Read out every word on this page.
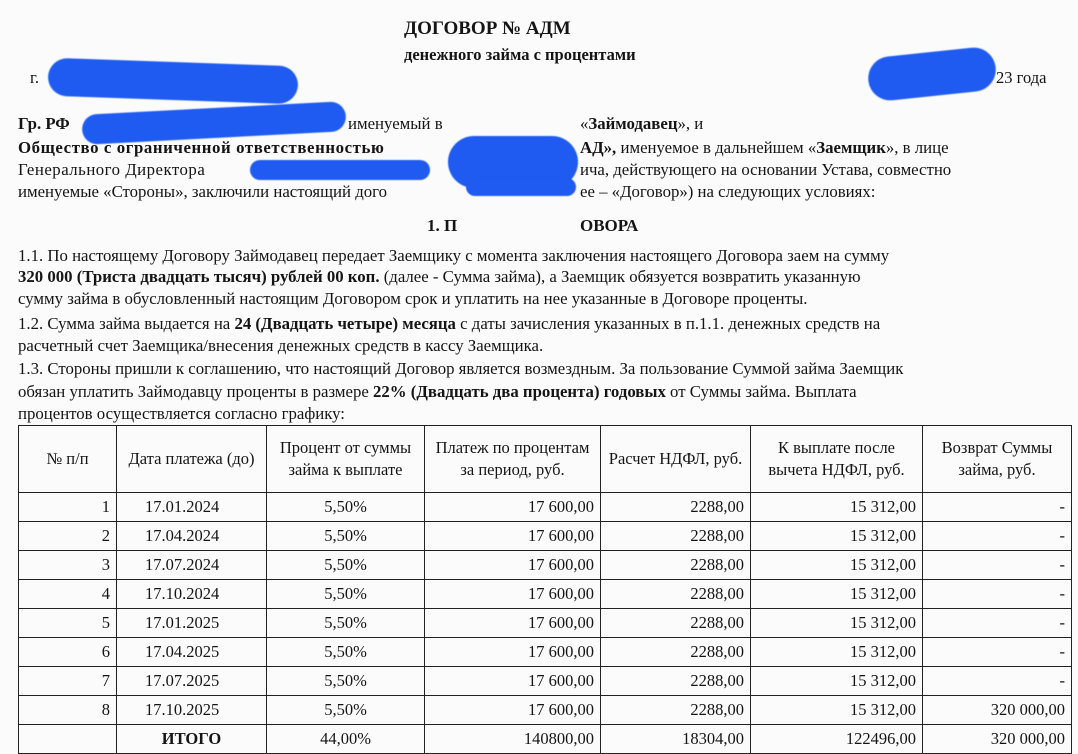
ДОГОВОР № АДМ
денежного займа с процентами
г.	23 года
Гр. РФ	именуемый в	«Займодавец», и
Общество с ограниченной ответственностью	АД», именуемое в дальнейшем «Заемщик», в лице
Генерального Директора	ича, действующего на основании Устава, совместно
именуемые «Стороны», заключили настоящий дого	ее – «Договор») на следующих условиях:
1. П	ОВОРА
1.1. По настоящему Договору Займодавец передает Заемщику с момента заключения настоящего Договора заем на сумму
320 000 (Триста двадцать тысяч) рублей 00 коп. (далее - Сумма займа), а Заемщик обязуется возвратить указанную
сумму займа в обусловленный настоящим Договором срок и уплатить на нее указанные в Договоре проценты.
1.2. Сумма займа выдается на 24 (Двадцать четыре) месяца с даты зачисления указанных в п.1.1. денежных средств на
расчетный счет Заемщика/внесения денежных средств в кассу Заемщика.
1.3. Стороны пришли к соглашению, что настоящий Договор является возмездным. За пользование Суммой займа Заемщик
обязан уплатить Займодавцу проценты в размере 22% (Двадцать два процента) годовых от Суммы займа. Выплата
процентов осуществляется согласно графику:
№ п/п	Дата платежа (до)	Процент от суммы займа к выплате	Платеж по процентам за период, руб.	Расчет НДФЛ, руб.	К выплате после вычета НДФЛ, руб.	Возврат Суммы займа, руб.
1	17.01.2024	5,50%	17 600,00	2288,00	15 312,00	-
2	17.04.2024	5,50%	17 600,00	2288,00	15 312,00	-
3	17.07.2024	5,50%	17 600,00	2288,00	15 312,00	-
4	17.10.2024	5,50%	17 600,00	2288,00	15 312,00	-
5	17.01.2025	5,50%	17 600,00	2288,00	15 312,00	-
6	17.04.2025	5,50%	17 600,00	2288,00	15 312,00	-
7	17.07.2025	5,50%	17 600,00	2288,00	15 312,00	-
8	17.10.2025	5,50%	17 600,00	2288,00	15 312,00	320 000,00
	ИТОГО	44,00%	140800,00	18304,00	122496,00	320 000,00
